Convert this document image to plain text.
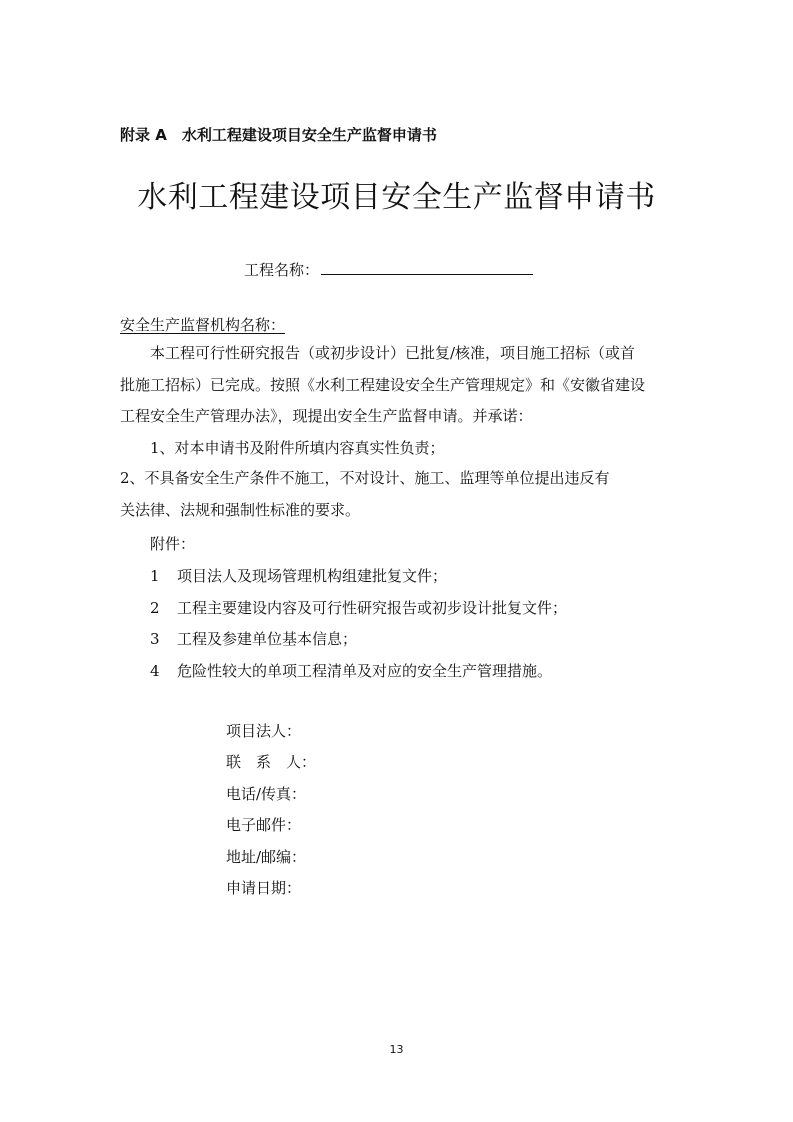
附录 A　水利工程建设项目安全生产监督申请书
水利工程建设项目安全生产监督申请书
工程名称：
安全生产监督机构名称：
本工程可行性研究报告（或初步设计）已批复/核准，项目施工招标（或首
批施工招标）已完成。按照《水利工程建设安全生产管理规定》和《安徽省建设
工程安全生产管理办法》，现提出安全生产监督申请。并承诺：
1、对本申请书及附件所填内容真实性负责；
2、不具备安全生产条件不施工，不对设计、施工、监理等单位提出违反有
关法律、法规和强制性标准的要求。
附件：
1 项目法人及现场管理机构组建批复文件；
2 工程主要建设内容及可行性研究报告或初步设计批复文件；
3 工程及参建单位基本信息；
4 危险性较大的单项工程清单及对应的安全生产管理措施。
项目法人：
联　系　人：
电话/传真：
电子邮件：
地址/邮编：
申请日期：
13
